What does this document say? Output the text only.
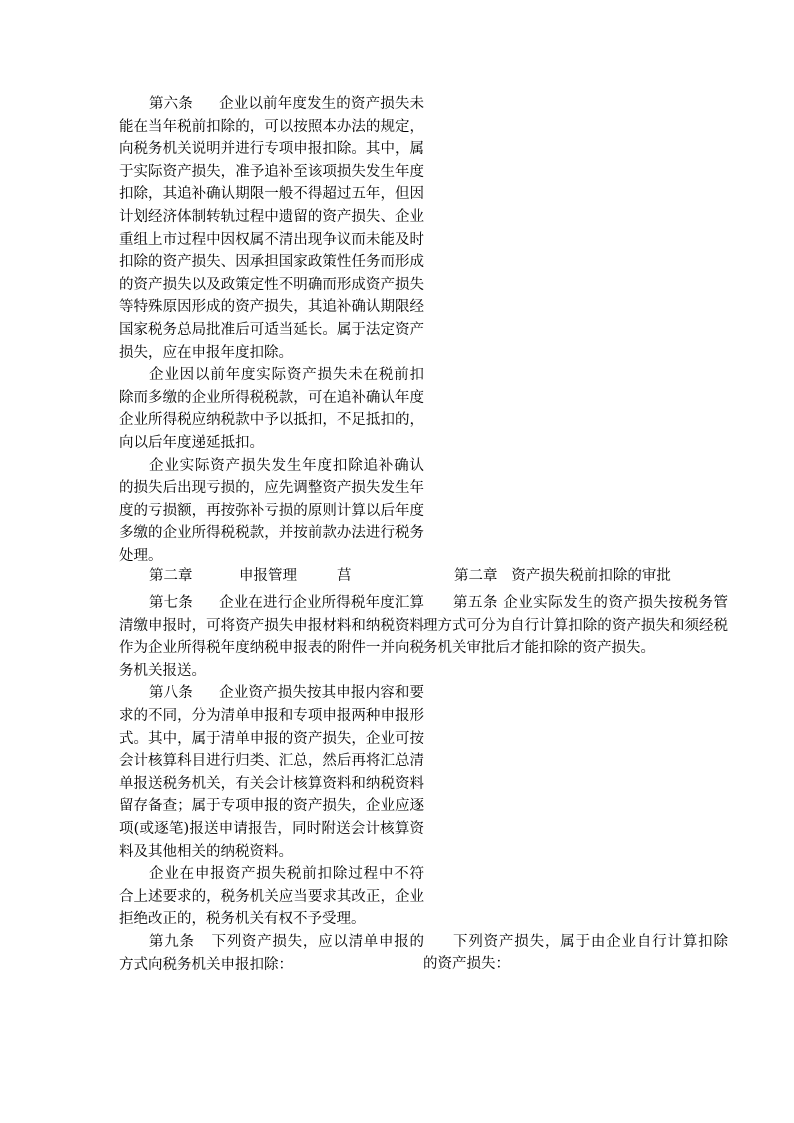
第六条 企业以前年度发生的资产损失未能在当年税前扣除的，可以按照本办法的规定，向税务机关说明并进行专项申报扣除。其中，属于实际资产损失，准予追补至该项损失发生年度扣除，其追补确认期限一般不得超过五年，但因计划经济体制转轨过程中遗留的资产损失、企业重组上市过程中因权属不清出现争议而未能及时扣除的资产损失、因承担国家政策性任务而形成的资产损失以及政策定性不明确而形成资产损失等特殊原因形成的资产损失，其追补确认期限经国家税务总局批准后可适当延长。属于法定资产损失，应在申报年度扣除。

企业因以前年度实际资产损失未在税前扣除而多缴的企业所得税税款，可在追补确认年度企业所得税应纳税款中予以抵扣，不足抵扣的，向以后年度递延抵扣。

企业实际资产损失发生年度扣除追补确认的损失后出现亏损的，应先调整资产损失发生年度的亏损额，再按弥补亏损的原则计算以后年度多缴的企业所得税税款，并按前款办法进行税务处理。

第二章	申报管理	莒	第二章 资产损失税前扣除的审批

第七条 企业在进行企业所得税年度汇算清缴申报时，可将资产损失申报材料和纳税资料作为企业所得税年度纳税申报表的附件一并向税务机关报送。

第八条 企业资产损失按其申报内容和要求的不同，分为清单申报和专项申报两种申报形式。其中，属于清单申报的资产损失，企业可按会计核算科目进行归类、汇总，然后再将汇总清单报送税务机关，有关会计核算资料和纳税资料留存备查；属于专项申报的资产损失，企业应逐项(或逐笔)报送申请报告，同时附送会计核算资料及其他相关的纳税资料。

企业在申报资产损失税前扣除过程中不符合上述要求的，税务机关应当要求其改正，企业拒绝改正的，税务机关有权不予受理。

第九条 下列资产损失，应以清单申报的方式向税务机关申报扣除：

第五条 企业实际发生的资产损失按税务管理方式可分为自行计算扣除的资产损失和须经税务机关审批后才能扣除的资产损失。

下列资产损失，属于由企业自行计算扣除的资产损失：
